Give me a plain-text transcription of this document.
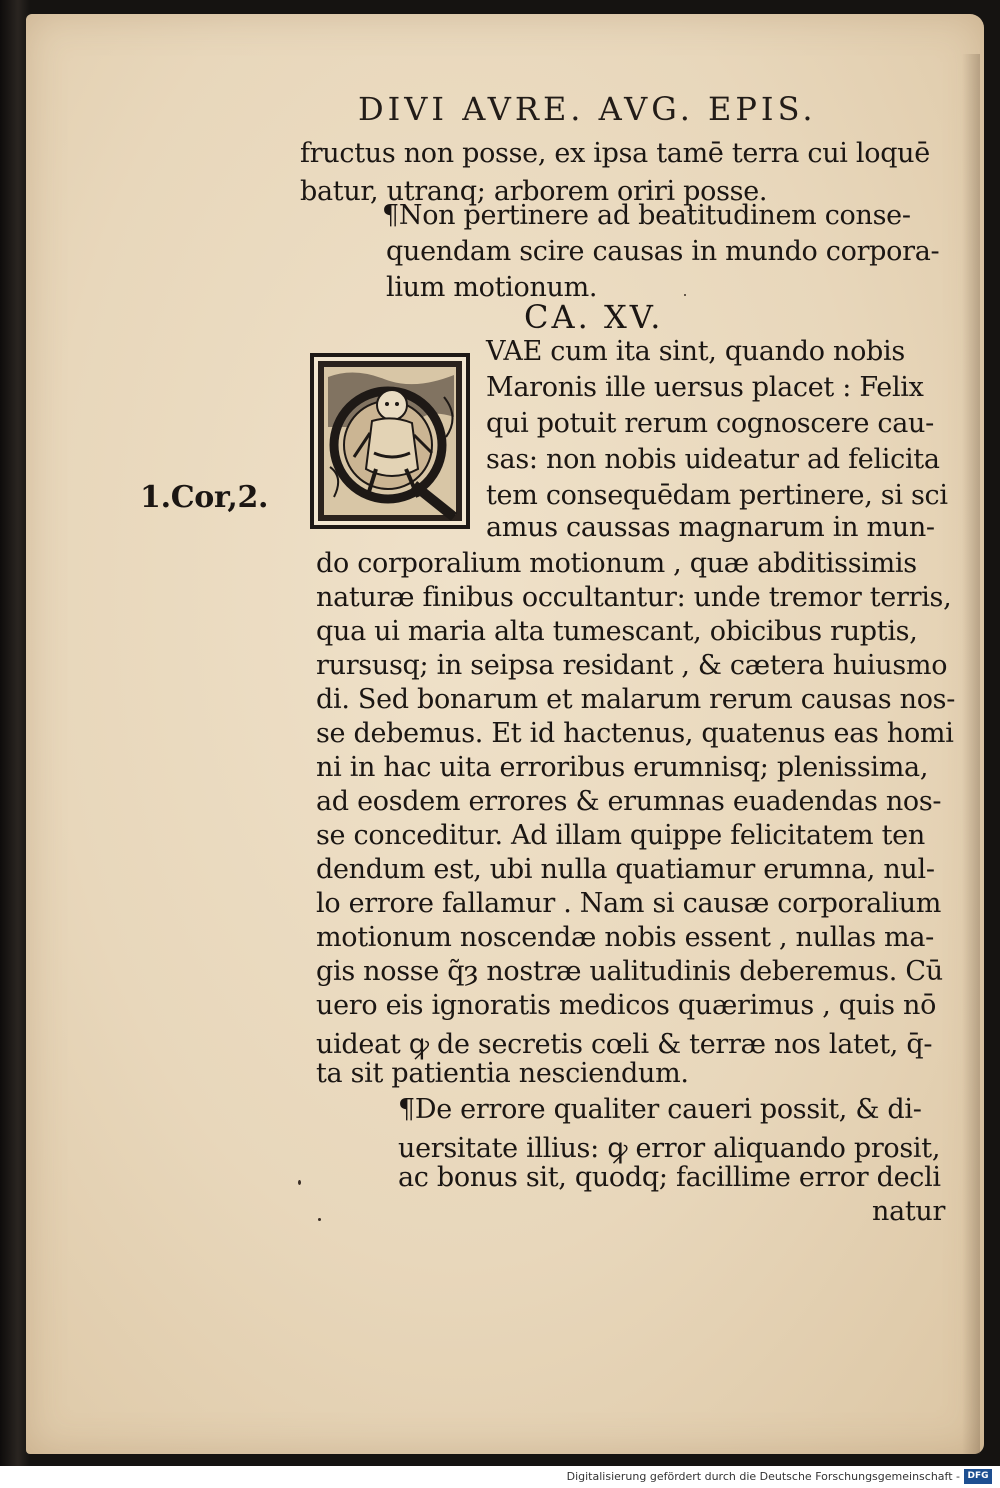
DIVI AVRE. AVG. EPIS.
fructus non posse, ex ipsa tamē terra cui loquē
batur, utranq; arborem oriri posse.
¶Non pertinere ad beatitudinem conse-
quendam scire causas in mundo corpora-
lium motionum.
CA. XV.
1.Cor,2.
VAE cum ita sint, quando nobis
Maronis ille uersus placet : Felix
qui potuit rerum cognoscere cau-
sas: non nobis uideatur ad felicita
tem consequēdam pertinere, si sci
amus caussas magnarum in mun-
do corporalium motionum , quæ abditissimis
naturæ finibus occultantur: unde tremor terris,
qua ui maria alta tumescant, obicibus ruptis,
rursusq; in seipsa residant , & cætera huiusmo
di. Sed bonarum et malarum rerum causas nos-
se debemus. Et id hactenus, quatenus eas homi
ni in hac uita erroribus erumnisq; plenissima,
ad eosdem errores & erumnas euadendas nos-
se conceditur. Ad illam quippe felicitatem ten
dendum est, ubi nulla quatiamur erumna, nul-
lo errore fallamur . Nam si causæ corporalium
motionum noscendæ nobis essent , nullas ma-
gis nosse q̃ȝ nostræ ualitudinis deberemus. Cū
uero eis ignoratis medicos quærimus , quis nō
uideat ꝙ de secretis cœli & terræ nos latet, q̄-
ta sit patientia nesciendum.
¶De errore qualiter caueri possit, & di-
uersitate illius: ꝙ error aliquando prosit,
ac bonus sit, quodq; facillime error decli
natur
Digitalisierung gefördert durch die Deutsche Forschungsgemeinschaft - DFG
